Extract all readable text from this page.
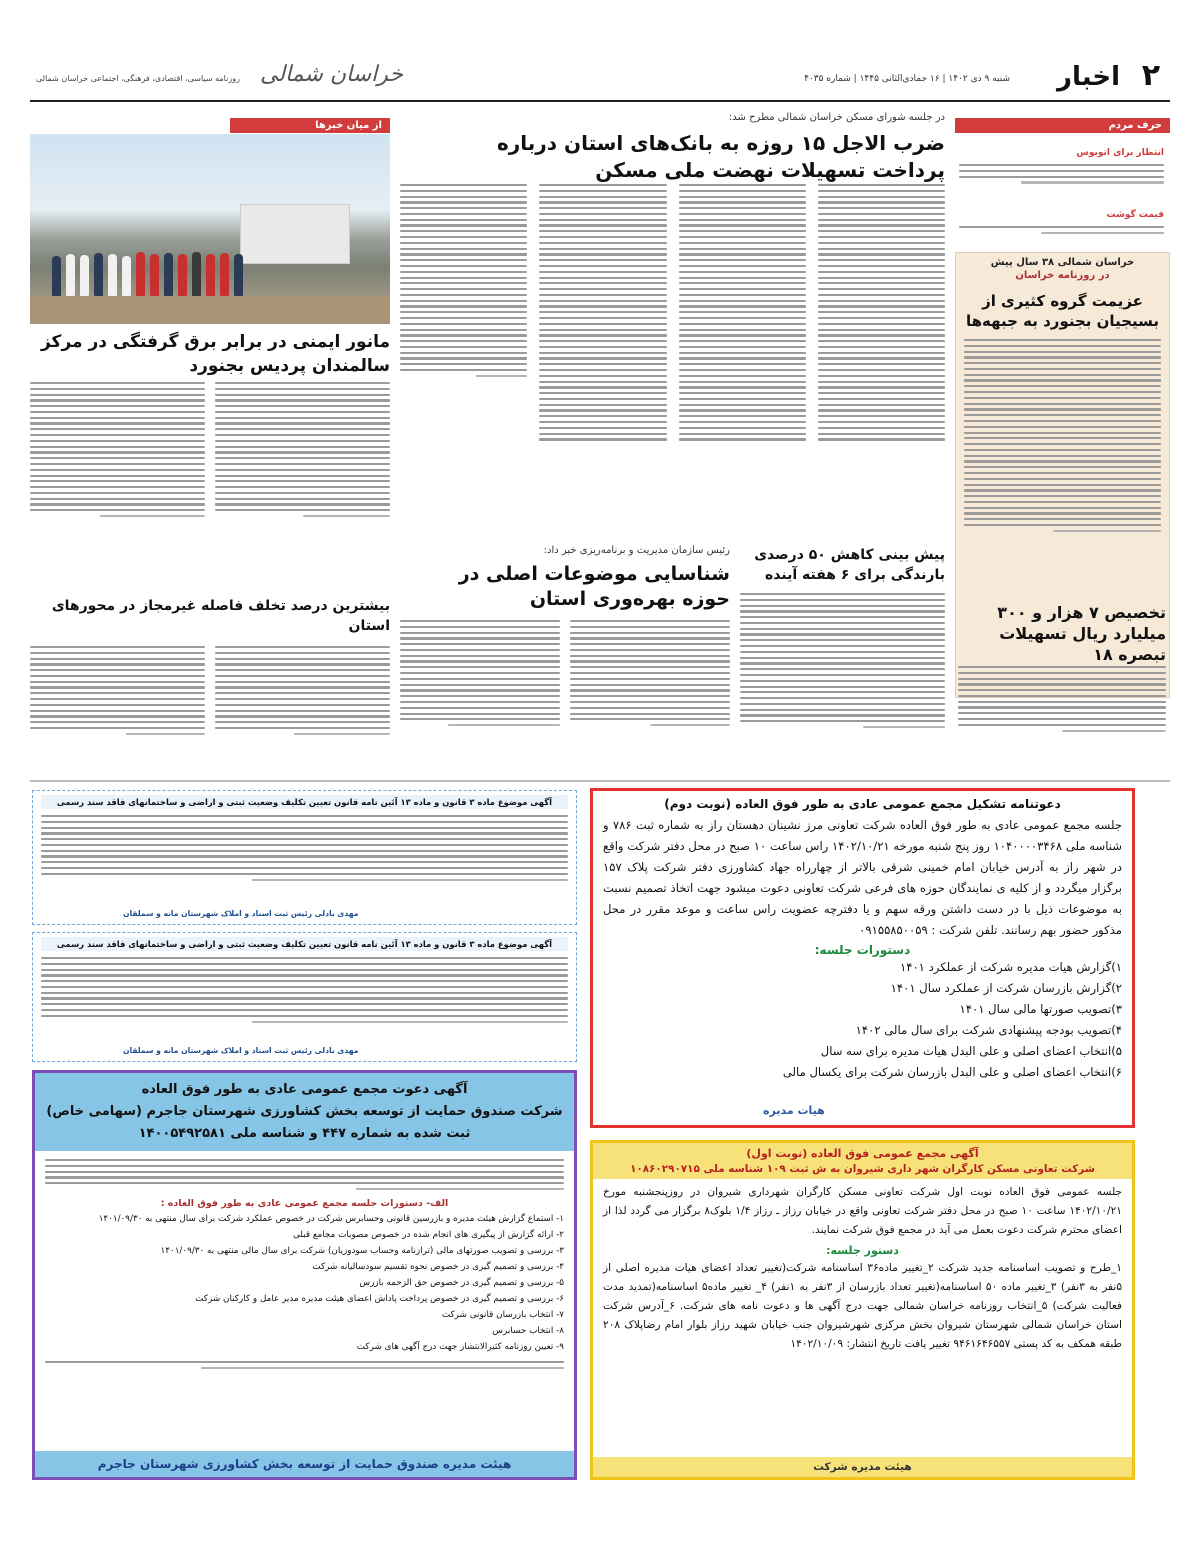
۲
اخبار
شنبه ۹ دی ۱۴۰۲ | ۱۶ جمادی‌الثانی ۱۴۴۵ | شماره ۴۰۳۵
خراسان شمالی
روزنامه سیاسی، اقتصادی، فرهنگی، اجتماعی خراسان شمالی
حرف مردم
انتظار برای اتوبوس
قیمت گوشت
خراسان شمالی ۳۸ سال پیش
در روزنامه خراسان
عزیمت گروه کثیری از بسیجیان بجنورد به جبهه‌ها
تخصیص ۷ هزار و ۳۰۰ میلیارد ریال تسهیلات تبصره ۱۸
در جلسه شورای مسکن خراسان شمالی مطرح شد:
ضرب الاجل ۱۵ روزه به بانک‌های استان درباره پرداخت تسهیلات نهضت ملی مسکن
از میان خبرها
مانور ایمنی در برابر برق گرفتگی در مرکز سالمندان پردیس بجنورد
پیش بینی کاهش ۵۰ درصدی بارندگی برای ۶ هفته آینده
رئیس سازمان مدیریت و برنامه‌ریزی خبر داد:
شناسایی موضوعات اصلی در حوزه بهره‌وری استان
بیشترین درصد تخلف فاصله غیرمجاز در محورهای استان
دعوتنامه تشکیل مجمع عمومی عادی به طور فوق العاده (نوبت دوم)
جلسه مجمع عمومی عادی به طور فوق العاده شرکت تعاونی مرز نشینان دهستان راز به شماره ثبت ۷۸۶ و شناسه ملی ۱۰۴۰۰۰۰۳۴۶۸ روز پنج شنبه مورخه ۱۴۰۲/۱۰/۲۱ راس ساعت ۱۰ صبح در محل دفتر شرکت واقع در شهر راز به آدرس خیابان امام خمینی شرقی بالاتر از چهارراه جهاد کشاورزی دفتر شرکت پلاک ۱۵۷ برگزار میگردد و از کلیه ی نمایندگان حوزه های فرعی شرکت تعاونی دعوت میشود جهت اتخاذ تصمیم نسبت به موضوعات ذیل با در دست داشتن ورقه سهم و یا دفترچه عضویت راس ساعت و موعد مقرر در محل مذکور حضور بهم رسانند. تلفن شرکت : ۰۹۱۵۵۸۵۰۰۵۹
دستورات جلسه:
۱)گزارش هیات مدیره شرکت از عملکرد ۱۴۰۱
۲)گزارش بازرسان شرکت از عملکرد سال ۱۴۰۱
۳)تصویب صورتها مالی سال ۱۴۰۱
۴)تصویب بودجه پیشنهادی شرکت برای سال مالی ۱۴۰۲
۵)انتخاب اعضای اصلی و علی البدل هیات مدیره برای سه سال
۶)انتخاب اعضای اصلی و علی البدل بازرسان شرکت برای یکسال مالی
هیات مدیره
آگهی موضوع ماده ۳ قانون و ماده ۱۳ آئین نامه قانون تعیین تکلیف وضعیت ثبتی و اراضی و ساختمانهای فاقد سند رسمی
مهدی بادلی رئیس ثبت اسناد و املاک شهرستان مانه و سملقان
آگهی موضوع ماده ۳ قانون و ماده ۱۳ آئین نامه قانون تعیین تکلیف وضعیت ثبتی و اراضی و ساختمانهای فاقد سند رسمی
مهدی بادلی رئیس ثبت اسناد و املاک شهرستان مانه و سملقان
آگهی دعوت مجمع عمومی عادی به طور فوق العاده
شرکت صندوق حمایت از توسعه بخش کشاورزی شهرستان جاجرم (سهامی خاص)
ثبت شده به شماره ۴۴۷ و شناسه ملی ۱۴۰۰۵۴۹۲۵۸۱
الف- دستورات جلسه مجمع عمومی عادی به طور فوق العاده :
۱- استماع گزارش هیئت مدیره و بازرسین قانونی وحسابرس شرکت در خصوص عملکرد شرکت برای سال منتهی به ۱۴۰۱/۰۹/۳۰
۲- ارائه گزارش از پیگیری های انجام شده در خصوص مصوبات مجامع قبلی
۳- بررسی و تصویب صورتهای مالی (ترازنامه وحساب سودوزیان) شرکت برای سال مالی منتهی به ۱۴۰۱/۰۹/۳۰
۴- بررسی و تصمیم گیری در خصوص نحوه تقسیم سودسالیانه شرکت
۵- بررسی و تصمیم گیری در خصوص حق الزحمه بازرس
۶- بررسی و تصمیم گیری در خصوص پرداخت پاداش اعضای هیئت مدیره مدیر عامل و کارکنان شرکت
۷- انتخاب بازرسان قانونی شرکت
۸- انتخاب حسابرس
۹- تعیین روزنامه کثیرالانتشار جهت درج آگهی های شرکت
هیئت مدیره صندوق حمایت از توسعه بخش کشاورزی شهرستان جاجرم
آگهی مجمع عمومی فوق العاده (نوبت اول)
شرکت تعاونی مسکن کارگران شهر داری شیروان به ش ثبت ۱۰۹ شناسه ملی ۱۰۸۶۰۲۹۰۷۱۵
جلسه عمومی فوق العاده نوبت اول شرکت تعاونی مسکن کارگران شهرداری شیروان در روزپنجشنبه مورخ ۱۴۰۲/۱۰/۲۱ ساعت ۱۰ صبح در محل دفتر شرکت تعاونی واقع در خیابان رزاز ـ رزاز ۱/۴ بلوک۸ برگزار می گردد لذا از اعضای محترم شرکت دعوت بعمل می آید در مجمع فوق شرکت نمایند.
دستور جلسه:
۱_طرح و تصویب اساسنامه جدید شرکت ۲_تغییر ماده۳۶ اساسنامه شرکت(تغییر تعداد اعضای هیات مدیره اصلی از ۵نفر به ۳نفر) ۳_تغییر ماده ۵۰ اساسنامه(تغییر تعداد بازرسان از ۳نفر به ۱نفر) ۴_ تغییر ماده۵ اساسنامه(تمدید مدت فعالیت شرکت) ۵_انتخاب روزنامه خراسان شمالی جهت درج آگهی ها و دعوت نامه های شرکت. ۶_آدرس شرکت استان خراسان شمالی شهرستان شیروان بخش مرکزی شهرشیروان جنب خیابان شهید رزاز بلوار امام رضاپلاک ۲۰۸ طبقه همکف به کد پستی ۹۴۶۱۶۴۶۵۵۷ تغییر یافت تاریخ انتشار: ۱۴۰۲/۱۰/۰۹
هیئت مدیره شرکت
